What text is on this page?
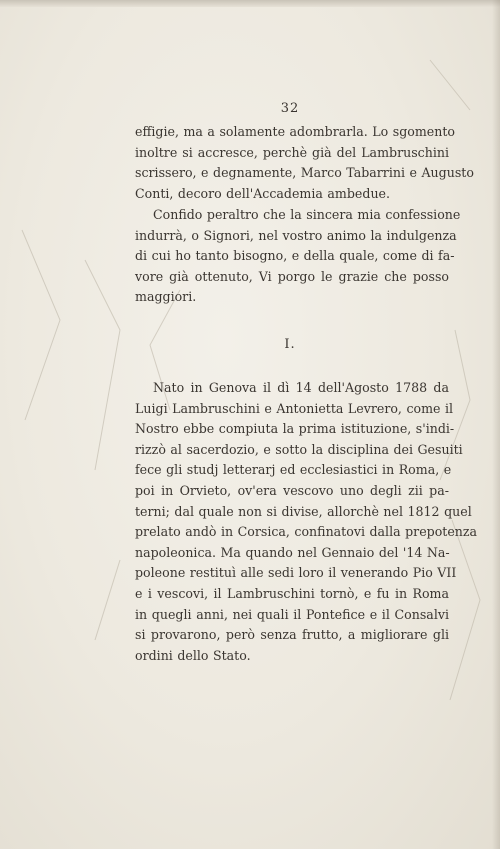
32
effigie, ma a solamente adombrarla. Lo sgomento
inoltre si accresce, perchè già del Lambruschini
scrissero, e degnamente, Marco Tabarrini e Augusto
Conti, decoro dell'Accademia ambedue.
Confido peraltro che la sincera mia confessione
indurrà, o Signori, nel vostro animo la indulgenza
di cui ho tanto bisogno, e della quale, come di fa-
vore già ottenuto, Vi porgo le grazie che posso
maggiori.
I.
Nato in Genova il dì 14 dell'Agosto 1788 da
Luigi Lambruschini e Antonietta Levrero, come il
Nostro ebbe compiuta la prima istituzione, s'indi-
rizzò al sacerdozio, e sotto la disciplina dei Gesuiti
fece gli studj letterarj ed ecclesiastici in Roma, e
poi in Orvieto, ov'era vescovo uno degli zii pa-
terni; dal quale non si divise, allorchè nel 1812 quel
prelato andò in Corsica, confinatovi dalla prepotenza
napoleonica. Ma quando nel Gennaio del '14 Na-
poleone restituì alle sedi loro il venerando Pio VII
e i vescovi, il Lambruschini tornò, e fu in Roma
in quegli anni, nei quali il Pontefice e il Consalvi
si provarono, però senza frutto, a migliorare gli
ordini dello Stato.
